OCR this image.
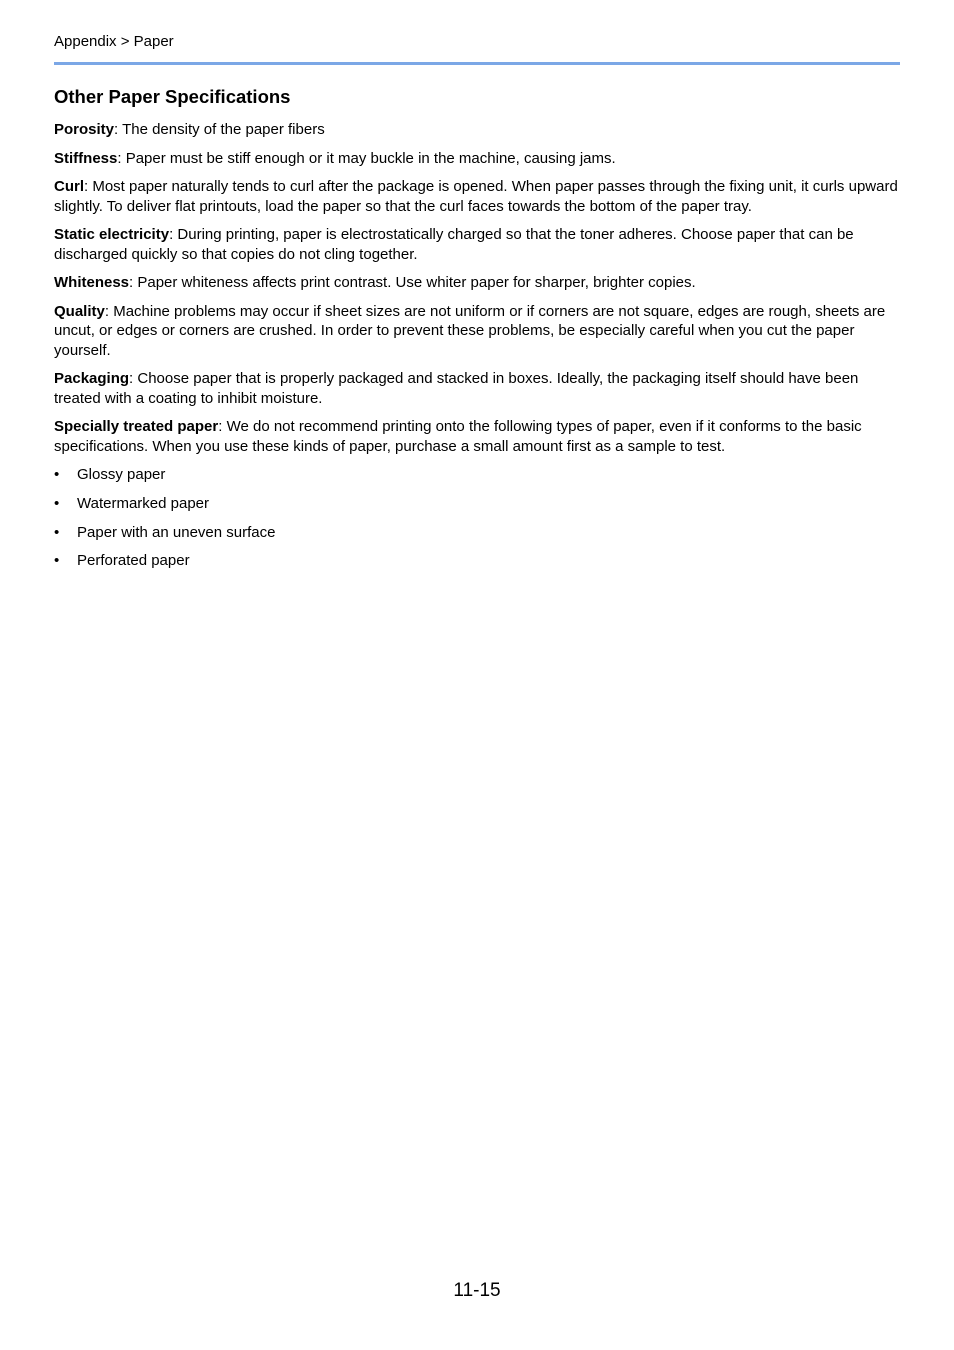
Appendix > Paper
Other Paper Specifications

Porosity: The density of the paper fibers

Stiffness: Paper must be stiff enough or it may buckle in the machine, causing jams.

Curl: Most paper naturally tends to curl after the package is opened. When paper passes through the fixing unit, it curls upward slightly. To deliver flat printouts, load the paper so that the curl faces towards the bottom of the paper tray.

Static electricity: During printing, paper is electrostatically charged so that the toner adheres. Choose paper that can be discharged quickly so that copies do not cling together.

Whiteness: Paper whiteness affects print contrast. Use whiter paper for sharper, brighter copies.

Quality: Machine problems may occur if sheet sizes are not uniform or if corners are not square, edges are rough, sheets are uncut, or edges or corners are crushed. In order to prevent these problems, be especially careful when you cut the paper yourself.

Packaging: Choose paper that is properly packaged and stacked in boxes. Ideally, the packaging itself should have been treated with a coating to inhibit moisture.

Specially treated paper: We do not recommend printing onto the following types of paper, even if it conforms to the basic specifications. When you use these kinds of paper, purchase a small amount first as a sample to test.

•	Glossy paper
•	Watermarked paper
•	Paper with an uneven surface
•	Perforated paper
11-15
